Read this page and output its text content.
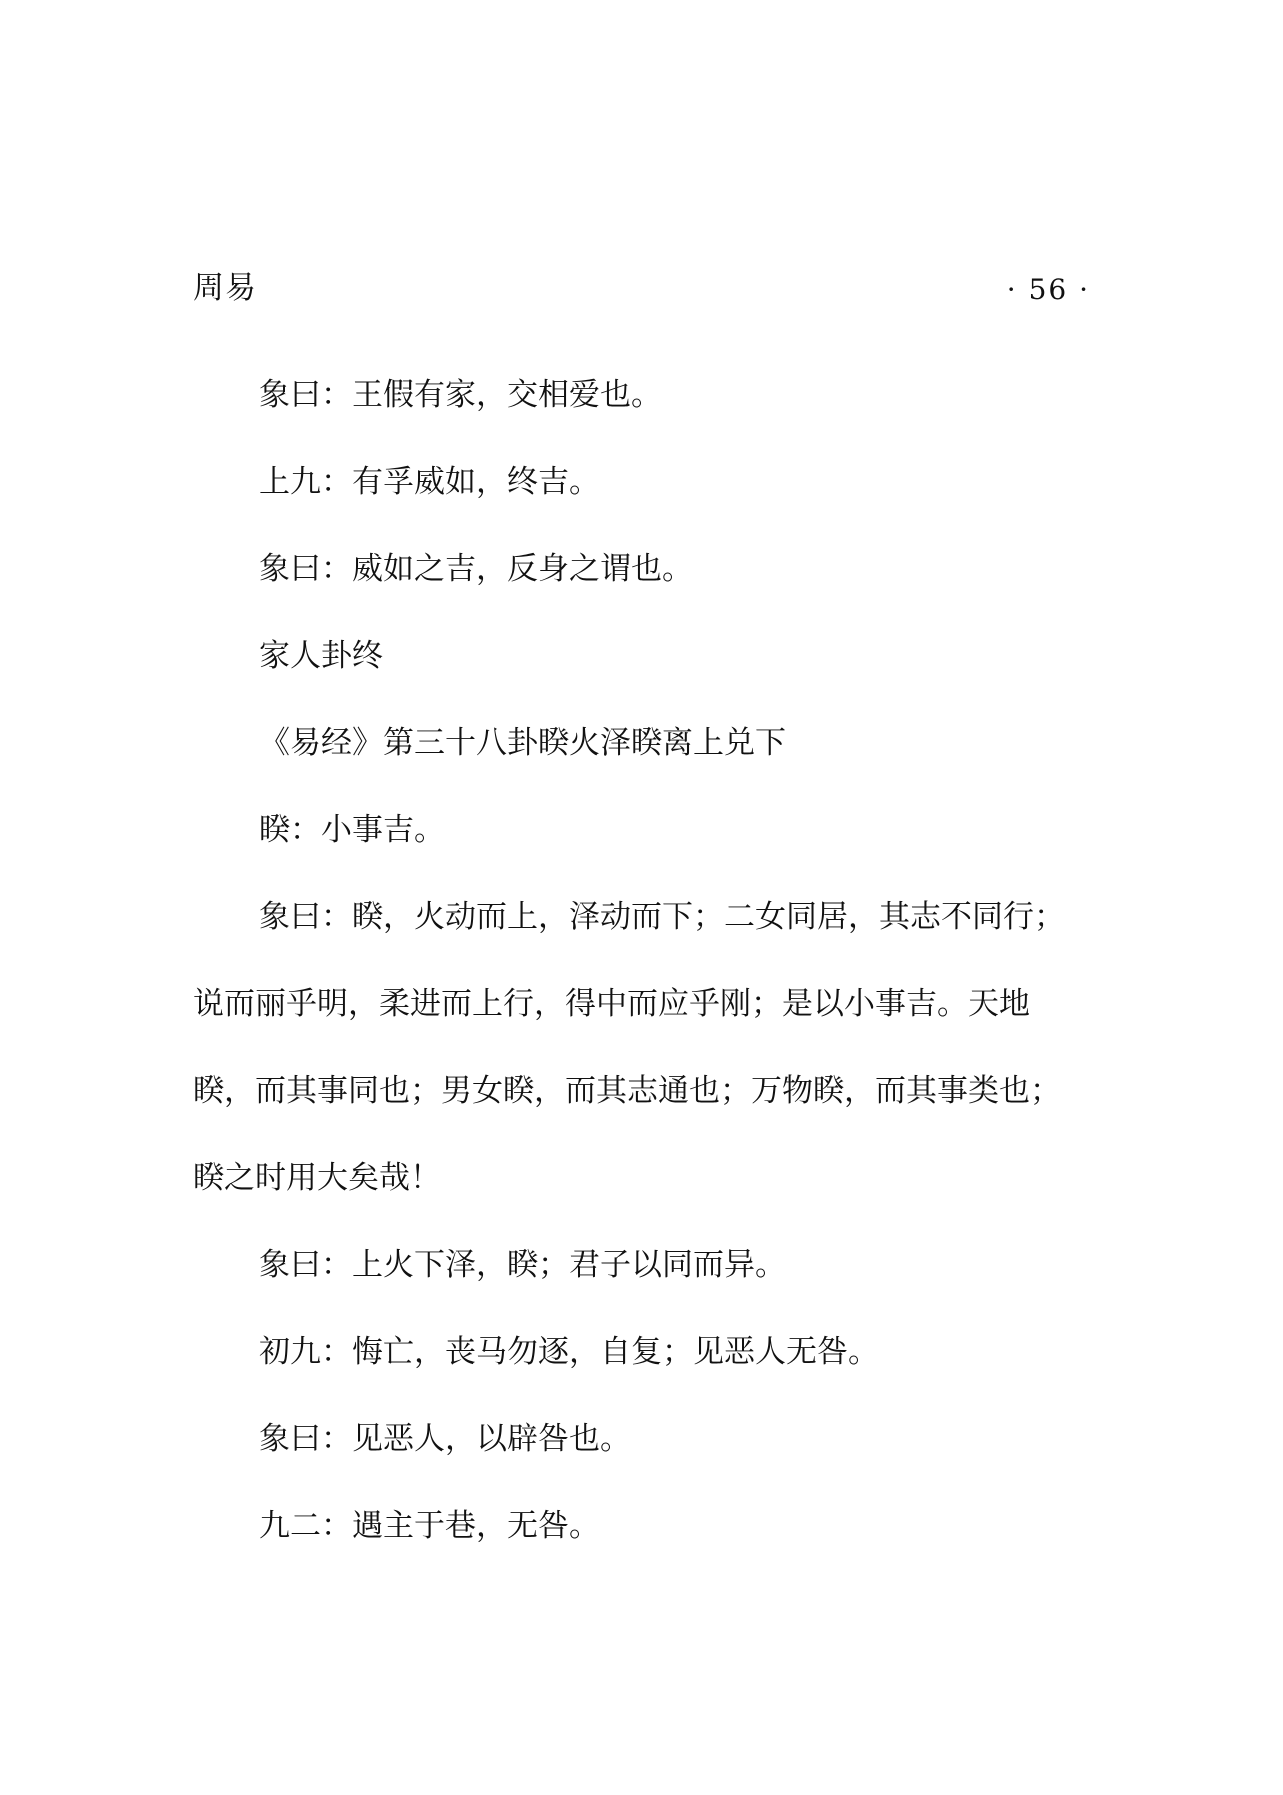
周易	· 56 ·
象曰：王假有家，交相爱也。
上九：有孚威如，终吉。
象曰：威如之吉，反身之谓也。
家人卦终
《易经》第三十八卦睽火泽睽离上兑下
睽：小事吉。
象曰：睽，火动而上，泽动而下；二女同居，其志不同行；
说而丽乎明，柔进而上行，得中而应乎刚；是以小事吉。天地
睽，而其事同也；男女睽，而其志通也；万物睽，而其事类也；
睽之时用大矣哉！
象曰：上火下泽，睽；君子以同而异。
初九：悔亡，丧马勿逐，自复；见恶人无咎。
象曰：见恶人，以辟咎也。
九二：遇主于巷，无咎。
